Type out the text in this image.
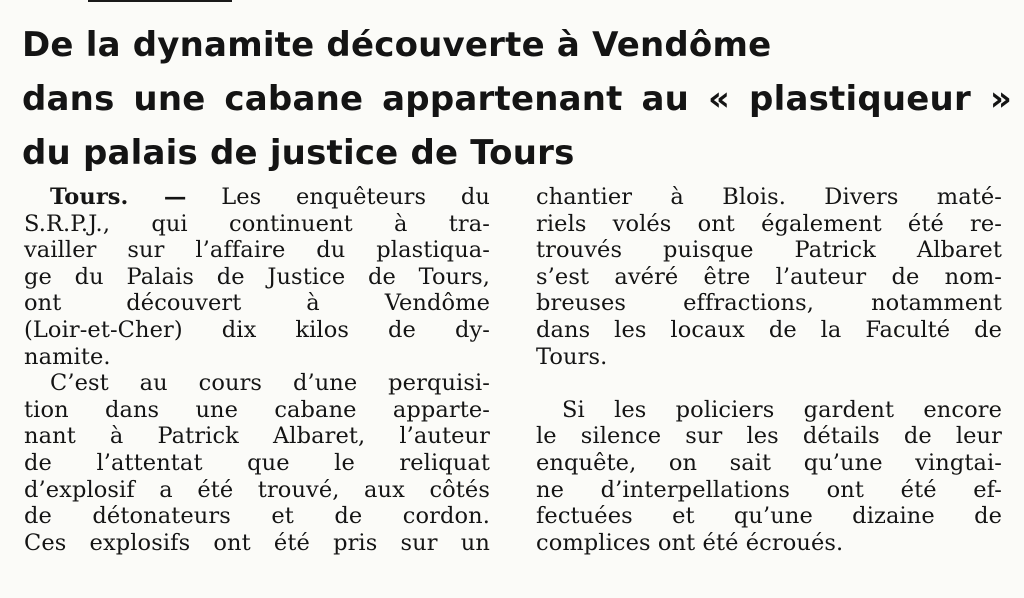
De la dynamite découverte à Vendôme
dans une cabane appartenant au « plastiqueur »
du palais de justice de Tours

Tours. — Les enquêteurs du
S.R.P.J., qui continuent à tra-
vailler sur l’affaire du plastiqua-
ge du Palais de Justice de Tours,
ont découvert à Vendôme
(Loir-et-Cher) dix kilos de dy-
namite.

C’est au cours d’une perquisi-
tion dans une cabane apparte-
nant à Patrick Albaret, l’auteur
de l’attentat que le reliquat
d’explosif a été trouvé, aux côtés
de détonateurs et de cordon.
Ces explosifs ont été pris sur un

chantier à Blois. Divers maté-
riels volés ont également été re-
trouvés puisque Patrick Albaret
s’est avéré être l’auteur de nom-
breuses effractions, notamment
dans les locaux de la Faculté de
Tours.

Si les policiers gardent encore
le silence sur les détails de leur
enquête, on sait qu’une vingtai-
ne d’interpellations ont été ef-
fectuées et qu’une dizaine de
complices ont été écroués.
